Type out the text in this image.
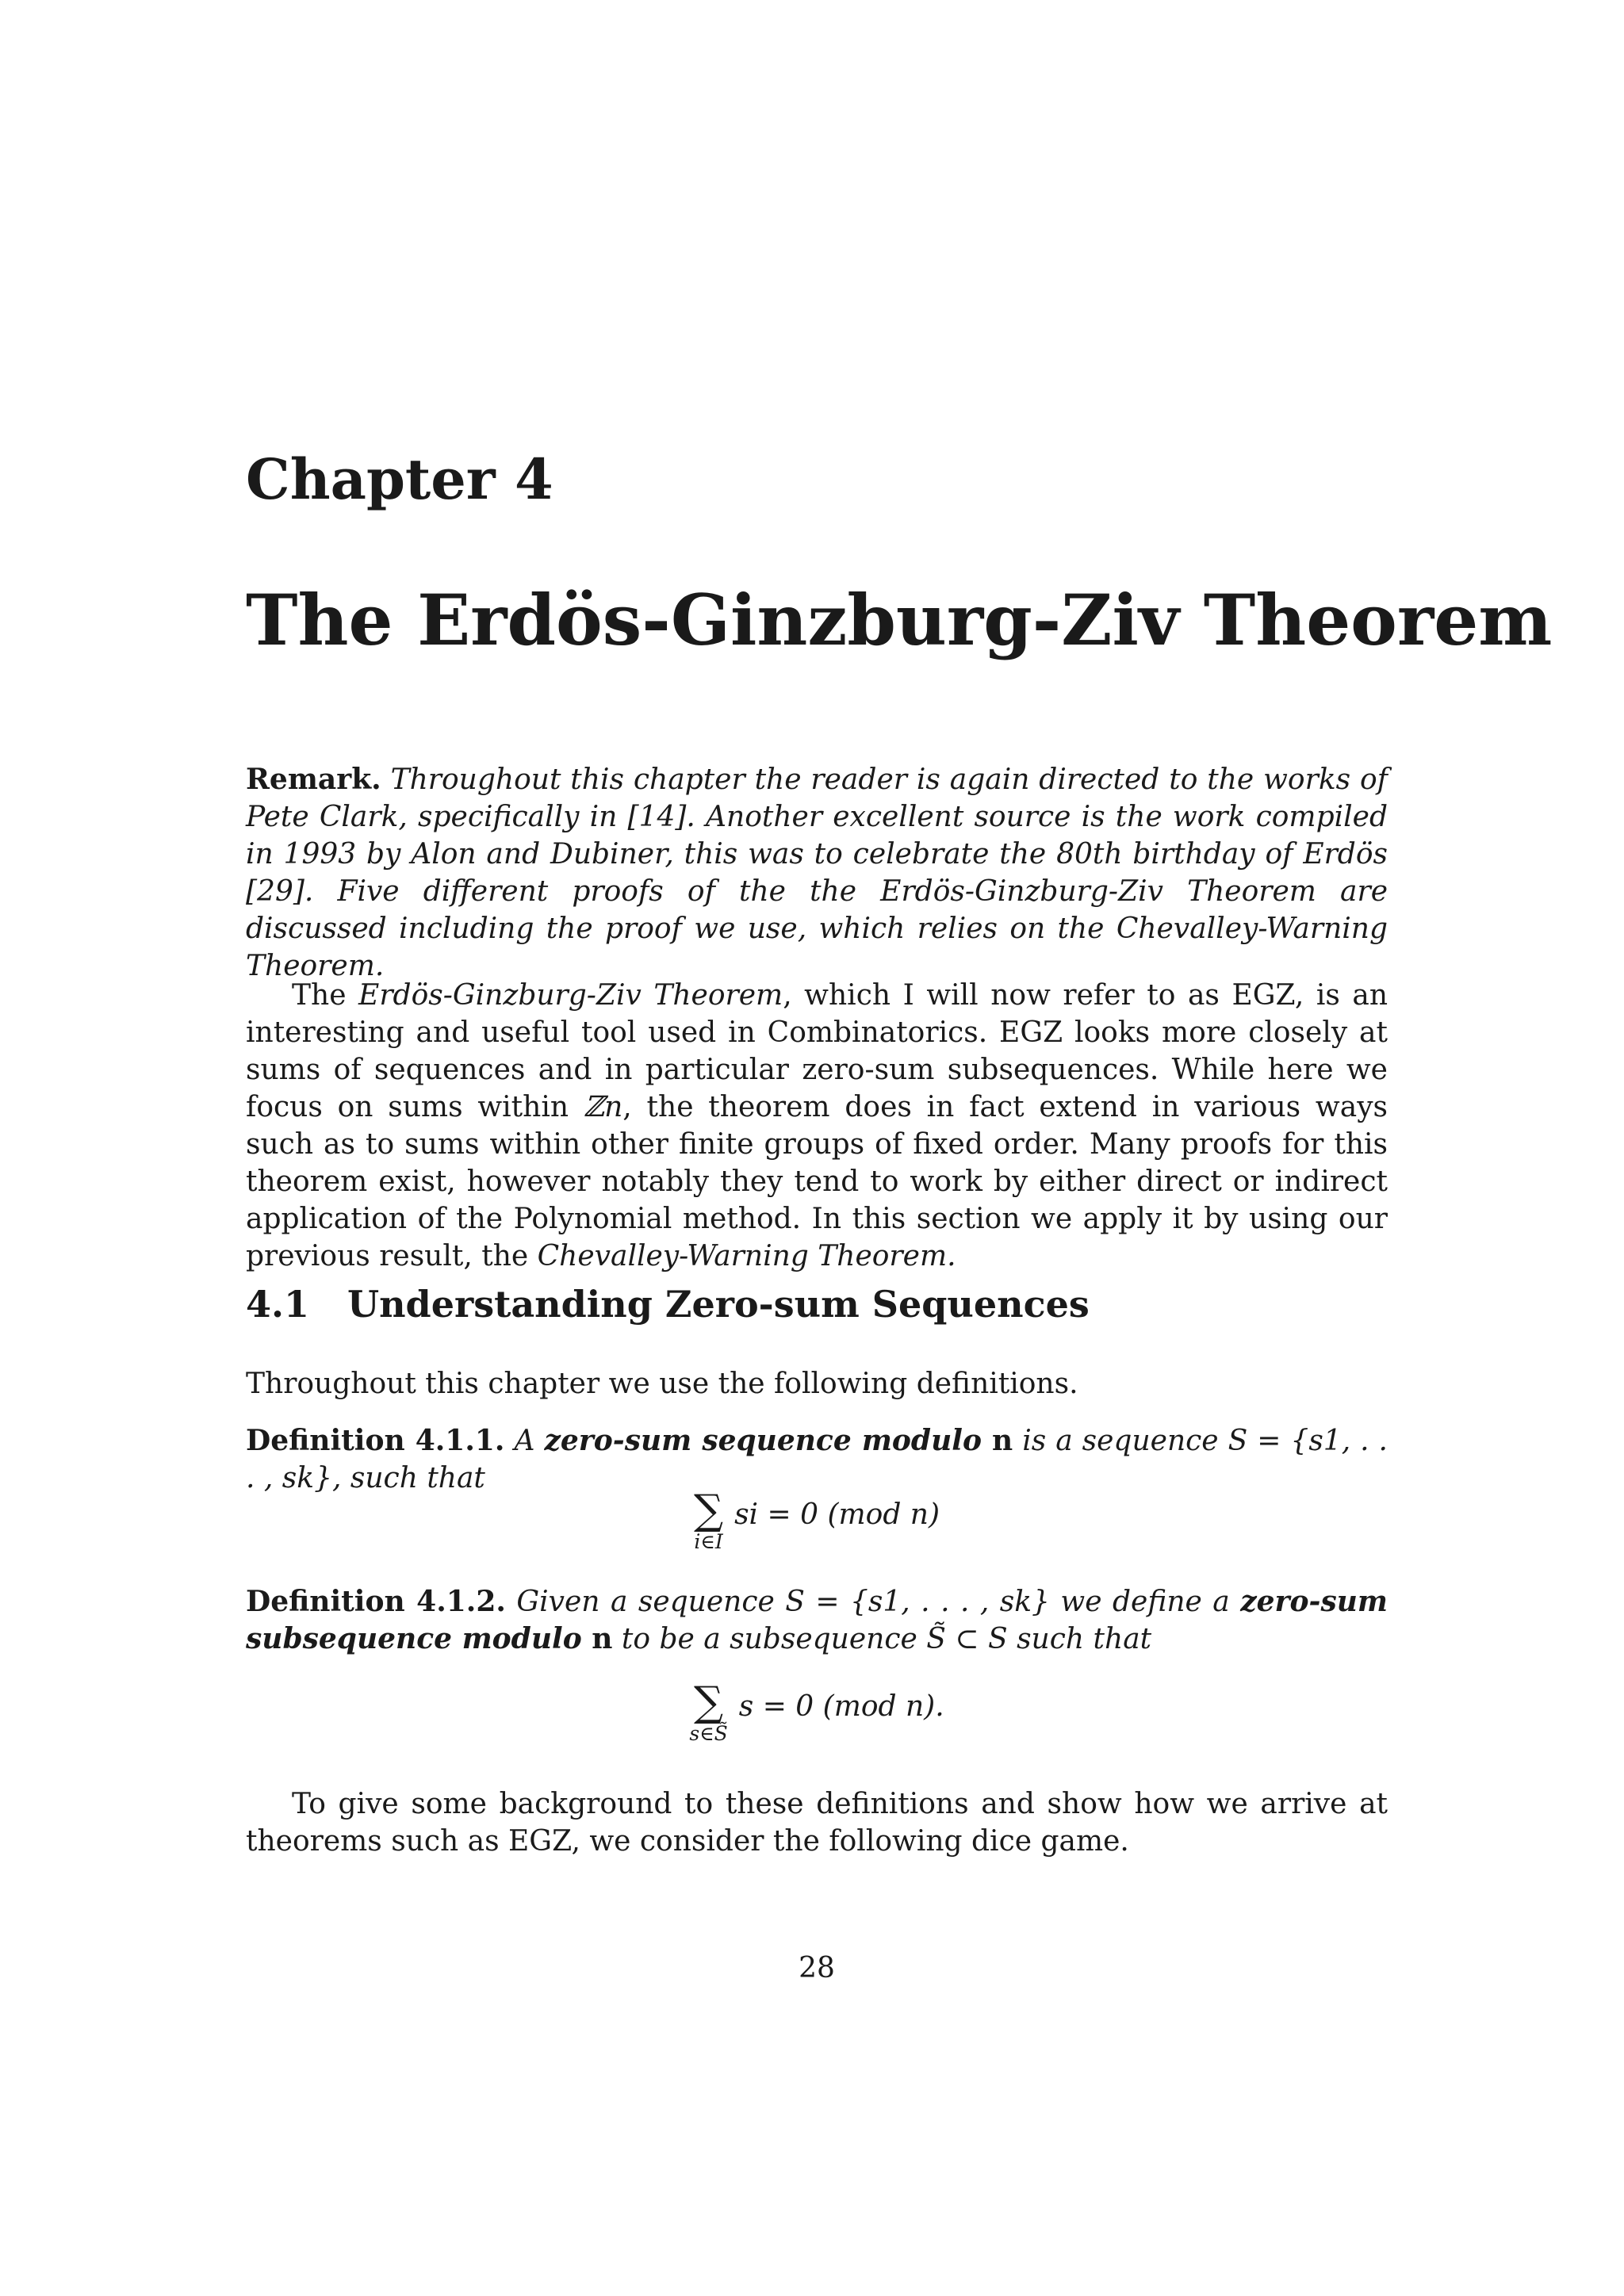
Chapter 4
The Erdös-Ginzburg-Ziv Theorem
Remark. Throughout this chapter the reader is again directed to the works of Pete Clark, specifically in [14]. Another excellent source is the work compiled in 1993 by Alon and Dubiner, this was to celebrate the 80th birthday of Erdös [29]. Five different proofs of the the Erdös-Ginzburg-Ziv Theorem are discussed including the proof we use, which relies on the Chevalley-Warning Theorem.
The Erdös-Ginzburg-Ziv Theorem, which I will now refer to as EGZ, is an interesting and useful tool used in Combinatorics. EGZ looks more closely at sums of sequences and in particular zero-sum subsequences. While here we focus on sums within ℤn, the theorem does in fact extend in various ways such as to sums within other finite groups of fixed order. Many proofs for this theorem exist, however notably they tend to work by either direct or indirect application of the Polynomial method. In this section we apply it by using our previous result, the Chevalley-Warning Theorem.
4.1 Understanding Zero-sum Sequences
Throughout this chapter we use the following definitions.
Definition 4.1.1. A zero-sum sequence modulo n is a sequence S = {s1, . . . , sk}, such that
∑
i∈I
si = 0 (mod n)
Definition 4.1.2. Given a sequence S = {s1, . . . , sk} we define a zero-sum subsequence modulo n to be a subsequence S̃ ⊂ S such that
∑
s∈S̃
s = 0 (mod n).
To give some background to these definitions and show how we arrive at theorems such as EGZ, we consider the following dice game.
28
